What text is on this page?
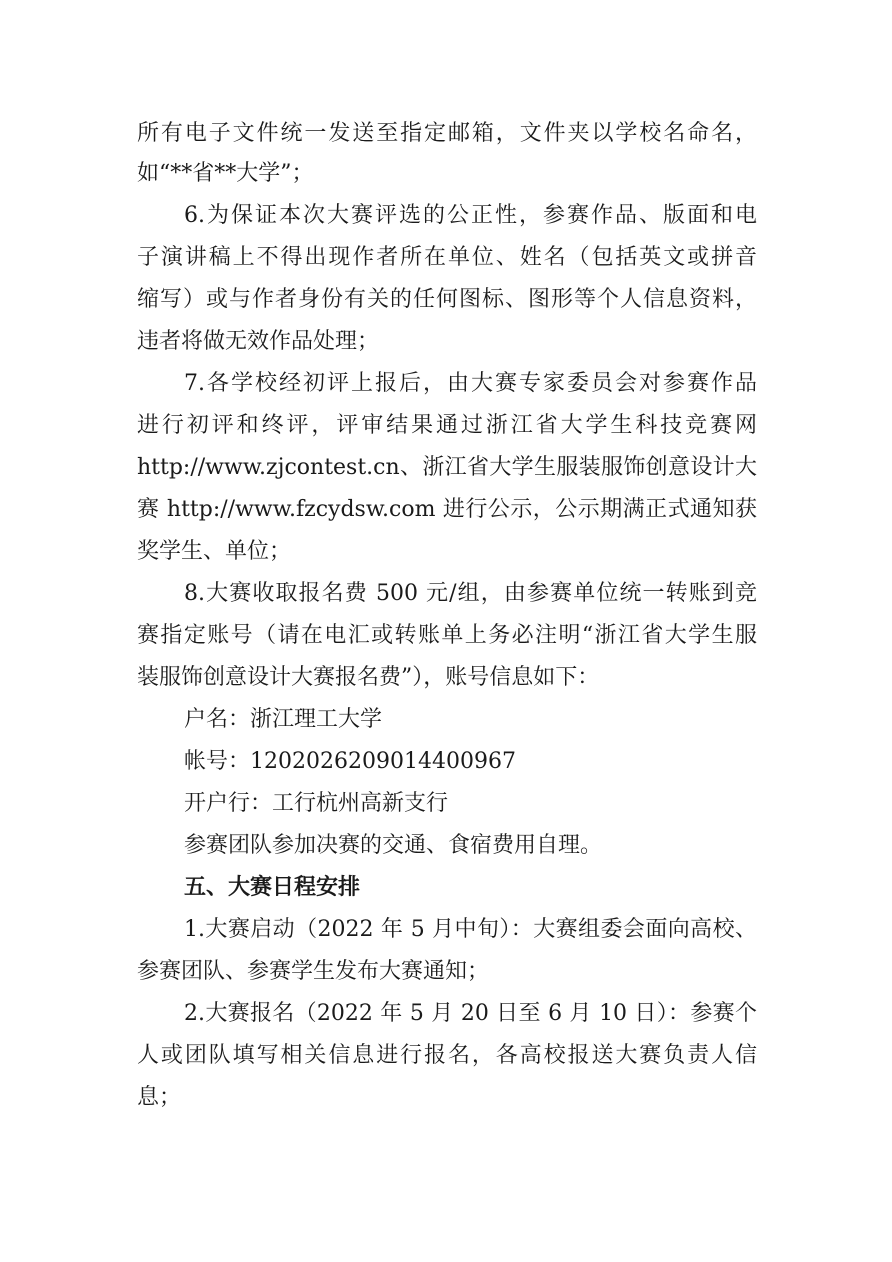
所有电子文件统一发送至指定邮箱，文件夹以学校名命名，
如“**省**大学”；
6.为保证本次大赛评选的公正性，参赛作品、版面和电
子演讲稿上不得出现作者所在单位、姓名（包括英文或拼音
缩写）或与作者身份有关的任何图标、图形等个人信息资料，
违者将做无效作品处理；
7.各学校经初评上报后，由大赛专家委员会对参赛作品
进行初评和终评，评审结果通过浙江省大学生科技竞赛网
http://www.zjcontest.cn、浙江省大学生服装服饰创意设计大
赛 http://www.fzcydsw.com 进行公示，公示期满正式通知获
奖学生、单位；
8.大赛收取报名费 500 元/组，由参赛单位统一转账到竞
赛指定账号（请在电汇或转账单上务必注明“浙江省大学生服
装服饰创意设计大赛报名费”），账号信息如下：
户名：浙江理工大学
帐号：1202026209014400967
开户行：工行杭州高新支行
参赛团队参加决赛的交通、食宿费用自理。
五、大赛日程安排
1.大赛启动（2022 年 5 月中旬）：大赛组委会面向高校、
参赛团队、参赛学生发布大赛通知；
2.大赛报名（2022 年 5 月 20 日至 6 月 10 日）：参赛个
人或团队填写相关信息进行报名，各高校报送大赛负责人信
息；
